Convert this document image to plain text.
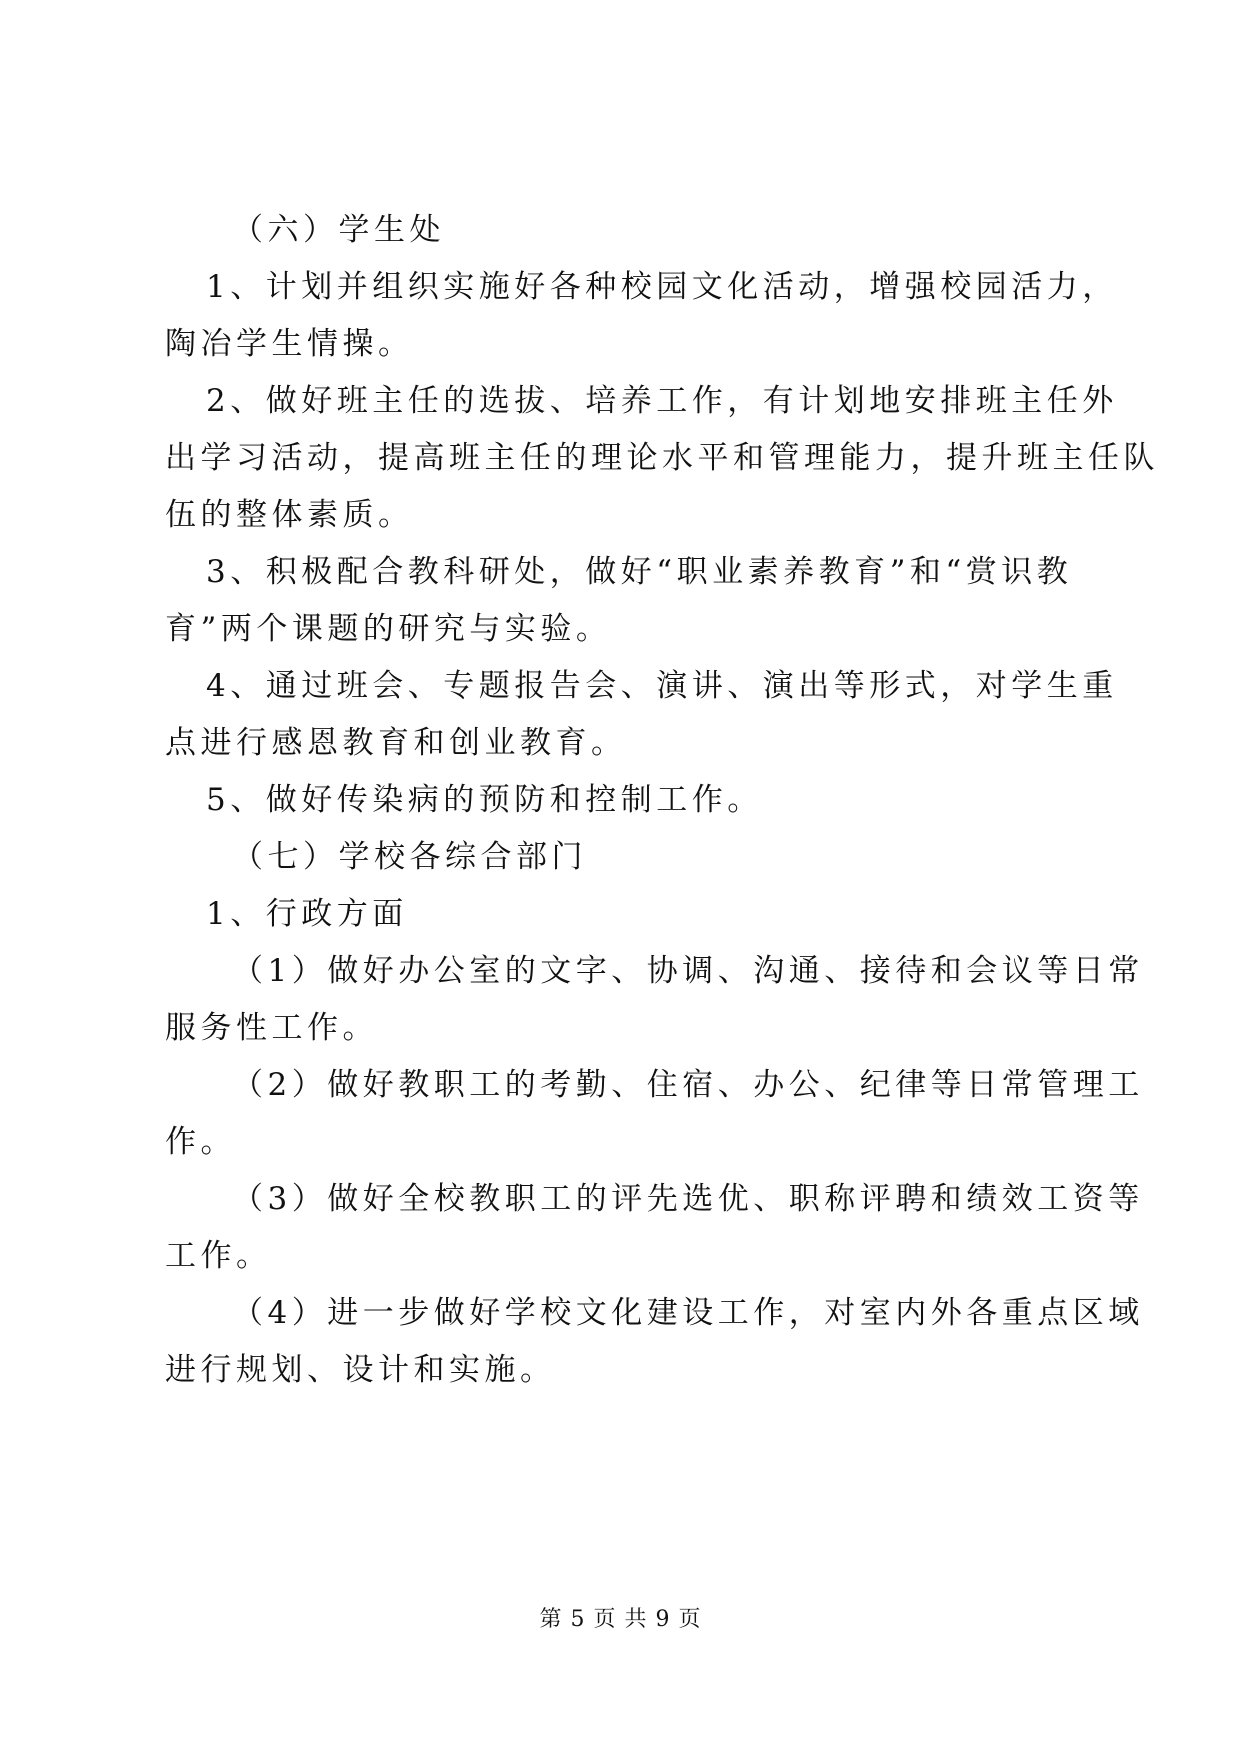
（六）学生处
1、计划并组织实施好各种校园文化活动，增强校园活力，
陶冶学生情操。
2、做好班主任的选拔、培养工作，有计划地安排班主任外
出学习活动，提高班主任的理论水平和管理能力，提升班主任队
伍的整体素质。
3、积极配合教科研处，做好“职业素养教育”和“赏识教
育”两个课题的研究与实验。
4、通过班会、专题报告会、演讲、演出等形式，对学生重
点进行感恩教育和创业教育。
5、做好传染病的预防和控制工作。
（七）学校各综合部门
1、行政方面
（1）做好办公室的文字、协调、沟通、接待和会议等日常
服务性工作。
（2）做好教职工的考勤、住宿、办公、纪律等日常管理工
作。
（3）做好全校教职工的评先选优、职称评聘和绩效工资等
工作。
（4）进一步做好学校文化建设工作，对室内外各重点区域
进行规划、设计和实施。
第 5 页 共 9 页
